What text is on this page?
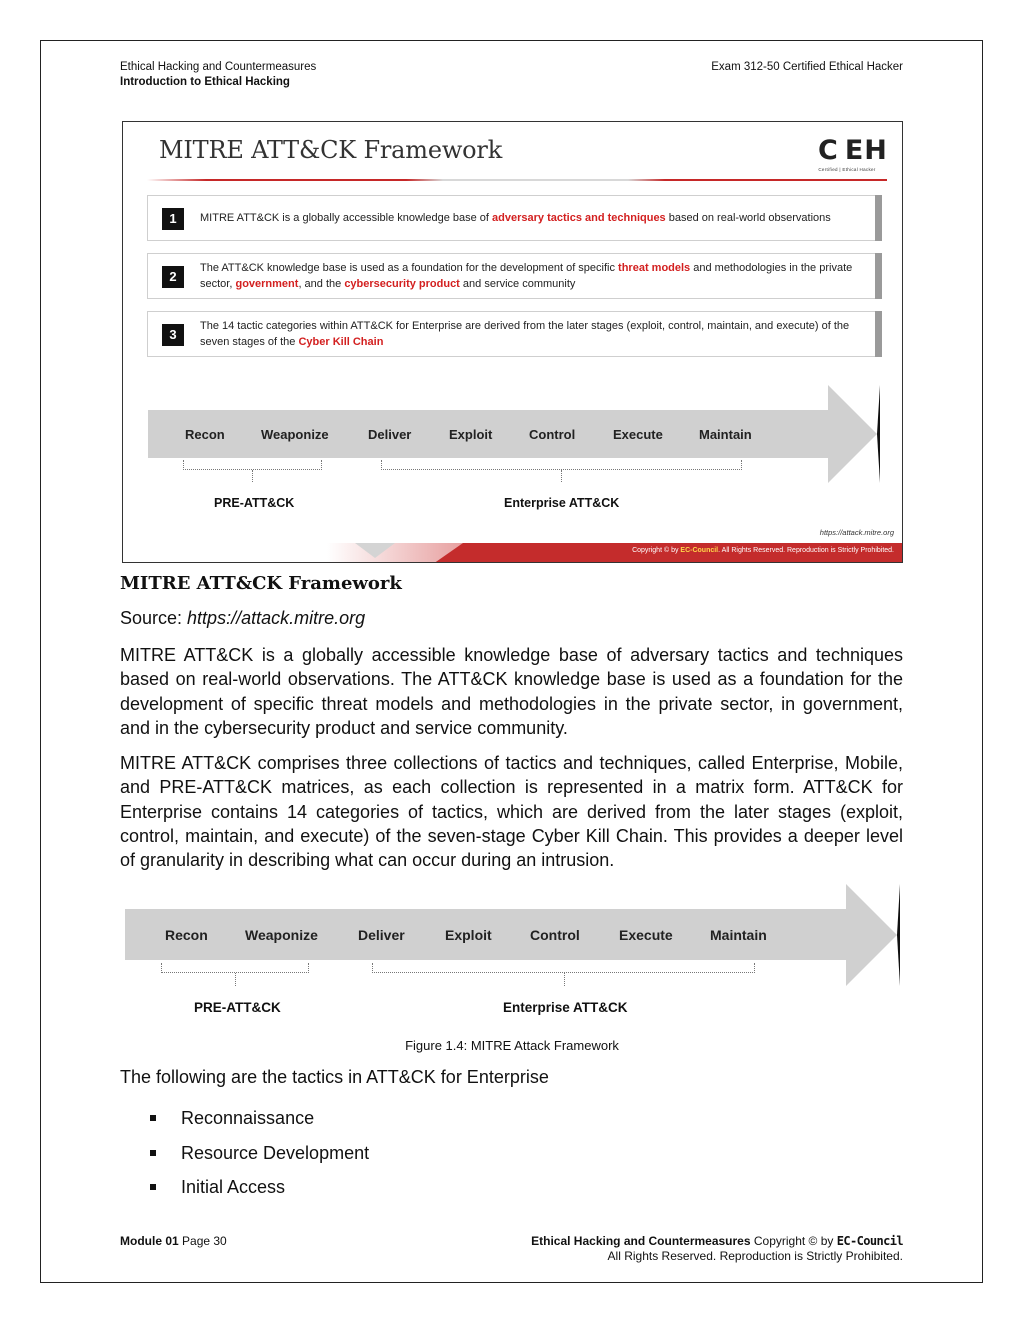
Ethical Hacking and Countermeasures
Introduction to Ethical Hacking
Exam 312-50 Certified Ethical Hacker
MITRE ATT&CK Framework	C EH
Certified | Ethical Hacker
1	MITRE ATT&CK is a globally accessible knowledge base of adversary tactics and techniques based on real-world observations
2
The ATT&CK knowledge base is used as a foundation for the development of specific threat models and methodologies in the private sector, government, and the cybersecurity product and service community
3
The 14 tactic categories within ATT&CK for Enterprise are derived from the later stages (exploit, control, maintain, and execute) of the seven stages of the Cyber Kill Chain
Recon	Weaponize	Deliver	Exploit	Control	Execute	Maintain
PRE-ATT&CK	Enterprise ATT&CK
https://attack.mitre.org
Copyright © by EC-Council. All Rights Reserved. Reproduction is Strictly Prohibited.
MITRE ATT&CK Framework
Source: https://attack.mitre.org
MITRE ATT&CK is a globally accessible knowledge base of adversary tactics and techniques based on real-world observations. The ATT&CK knowledge base is used as a foundation for the development of specific threat models and methodologies in the private sector, in government, and in the cybersecurity product and service community.
MITRE ATT&CK comprises three collections of tactics and techniques, called Enterprise, Mobile, and PRE-ATT&CK matrices, as each collection is represented in a matrix form. ATT&CK for Enterprise contains 14 categories of tactics, which are derived from the later stages (exploit, control, maintain, and execute) of the seven-stage Cyber Kill Chain. This provides a deeper level of granularity in describing what can occur during an intrusion.
Recon	Weaponize	Deliver	Exploit	Control	Execute	Maintain
PRE-ATT&CK	Enterprise ATT&CK
Figure 1.4: MITRE Attack Framework
The following are the tactics in ATT&CK for Enterprise
Reconnaissance
Resource Development
Initial Access
Module 01 Page 30	Ethical Hacking and Countermeasures Copyright © by EC-Council
All Rights Reserved. Reproduction is Strictly Prohibited.
